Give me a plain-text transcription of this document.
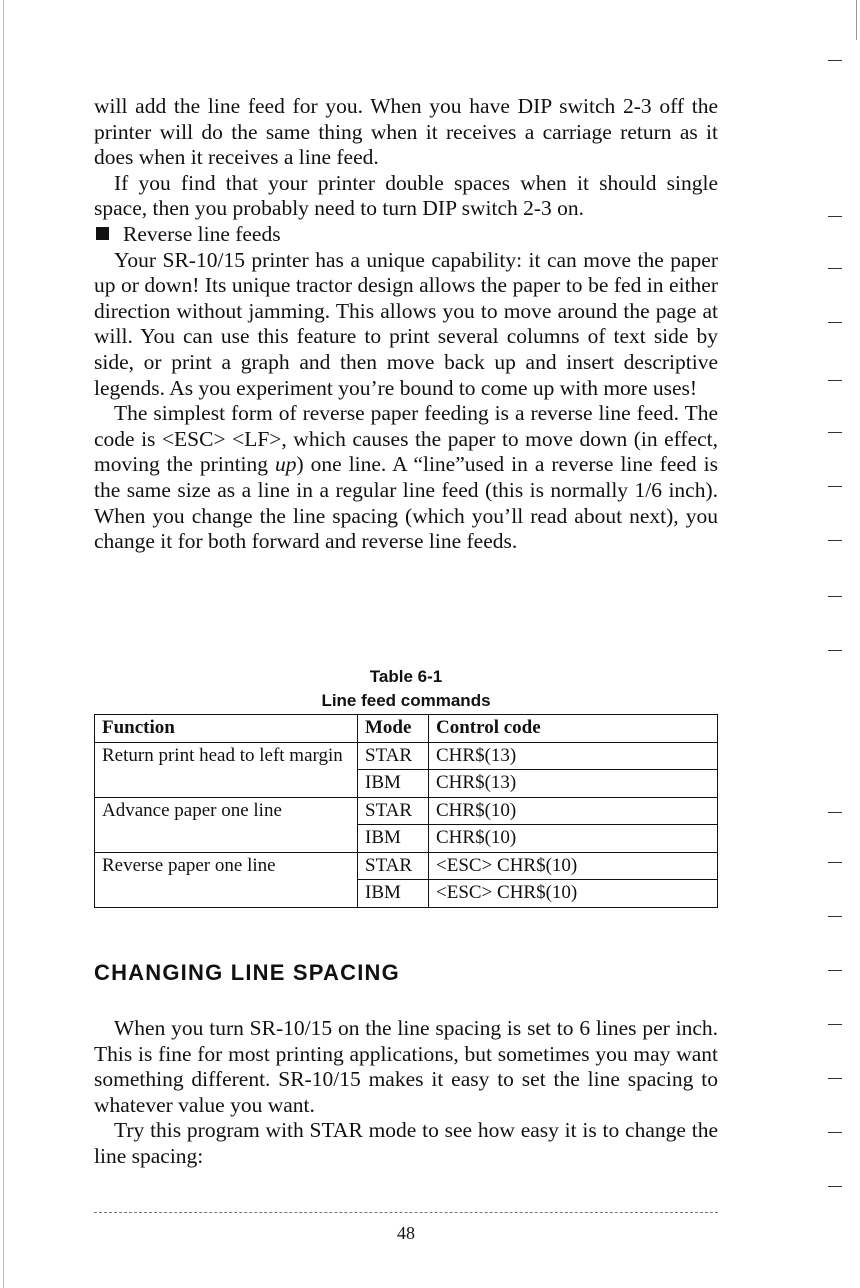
will add the line feed for you. When you have DIP switch 2-3 off the printer will do the same thing when it receives a carriage return as it does when it receives a line feed.

If you find that your printer double spaces when it should single space, then you probably need to turn DIP switch 2-3 on.

Reverse line feeds

Your SR-10/15 printer has a unique capability: it can move the paper up or down! Its unique tractor design allows the paper to be fed in either direction without jamming. This allows you to move around the page at will. You can use this feature to print several columns of text side by side, or print a graph and then move back up and insert descriptive legends. As you experiment you’re bound to come up with more uses!

The simplest form of reverse paper feeding is a reverse line feed. The code is <ESC> <LF>, which causes the paper to move down (in effect, moving the printing up) one line. A “line”used in a reverse line feed is the same size as a line in a regular line feed (this is normally 1/6 inch). When you change the line spacing (which you’ll read about next), you change it for both forward and reverse line feeds.

Table 6-1
Line feed commands
Function	Mode	Control code
Return print head to left margin	STAR	CHR$(13)
	IBM	CHR$(13)
Advance paper one line	STAR	CHR$(10)
	IBM	CHR$(10)
Reverse paper one line	STAR	<ESC> CHR$(10)
	IBM	<ESC> CHR$(10)
CHANGING LINE SPACING

When you turn SR-10/15 on the line spacing is set to 6 lines per inch. This is fine for most printing applications, but sometimes you may want something different. SR-10/15 makes it easy to set the line spacing to whatever value you want.

Try this program with STAR mode to see how easy it is to change the line spacing:

48
